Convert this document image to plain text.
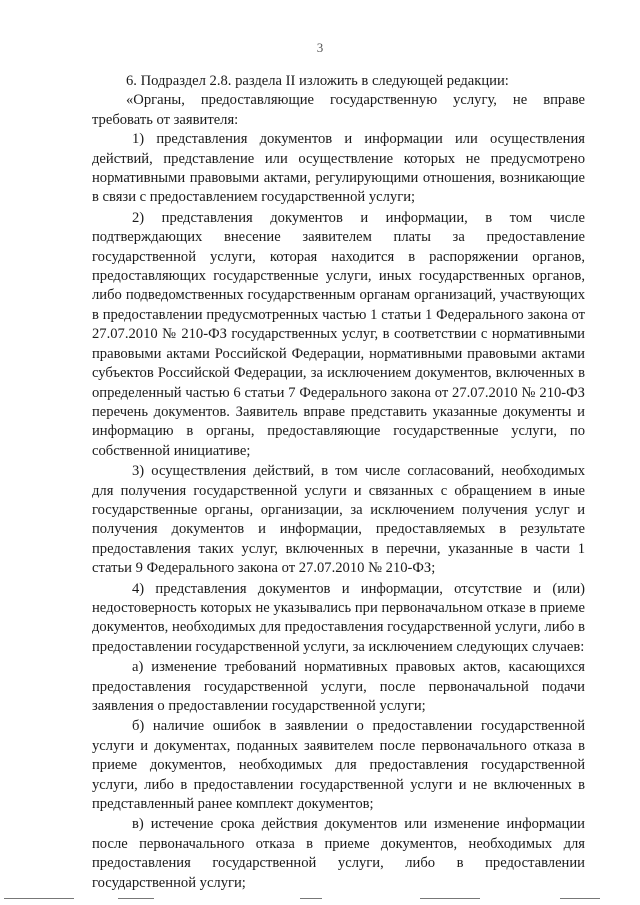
3

6. Подраздел 2.8. раздела II изложить в следующей редакции:

«Органы, предоставляющие государственную услугу, не вправе требовать от заявителя:

1) представления документов и информации или осуществления действий, представление или осуществление которых не предусмотрено нормативными правовыми актами, регулирующими отношения, возникающие в связи с предоставлением государственной услуги;

2) представления документов и информации, в том числе подтверждающих внесение заявителем платы за предоставление государственной услуги, которая находится в распоряжении органов, предоставляющих государственные услуги, иных государственных органов, либо подведомственных государственным органам организаций, участвующих в предоставлении предусмотренных частью 1 статьи 1 Федерального закона от 27.07.2010 № 210-ФЗ государственных услуг, в соответствии с нормативными правовыми актами Российской Федерации, нормативными правовыми актами субъектов Российской Федерации, за исключением документов, включенных в определенный частью 6 статьи 7 Федерального закона от 27.07.2010 № 210-ФЗ перечень документов. Заявитель вправе представить указанные документы и информацию в органы, предоставляющие государственные услуги, по собственной инициативе;

3) осуществления действий, в том числе согласований, необходимых для получения государственной услуги и связанных с обращением в иные государственные органы, организации, за исключением получения услуг и получения документов и информации, предоставляемых в результате предоставления таких услуг, включенных в перечни, указанные в части 1 статьи 9 Федерального закона от 27.07.2010 № 210-ФЗ;

4) представления документов и информации, отсутствие и (или) недостоверность которых не указывались при первоначальном отказе в приеме документов, необходимых для предоставления государственной услуги, либо в предоставлении государственной услуги, за исключением следующих случаев:

а) изменение требований нормативных правовых актов, касающихся предоставления государственной услуги, после первоначальной подачи заявления о предоставлении государственной услуги;

б) наличие ошибок в заявлении о предоставлении государственной услуги и документах, поданных заявителем после первоначального отказа в приеме документов, необходимых для предоставления государственной услуги, либо в предоставлении государственной услуги и не включенных в представленный ранее комплект документов;

в) истечение срока действия документов или изменение информации после первоначального отказа в приеме документов, необходимых для предоставления государственной услуги, либо в предоставлении государственной услуги;
